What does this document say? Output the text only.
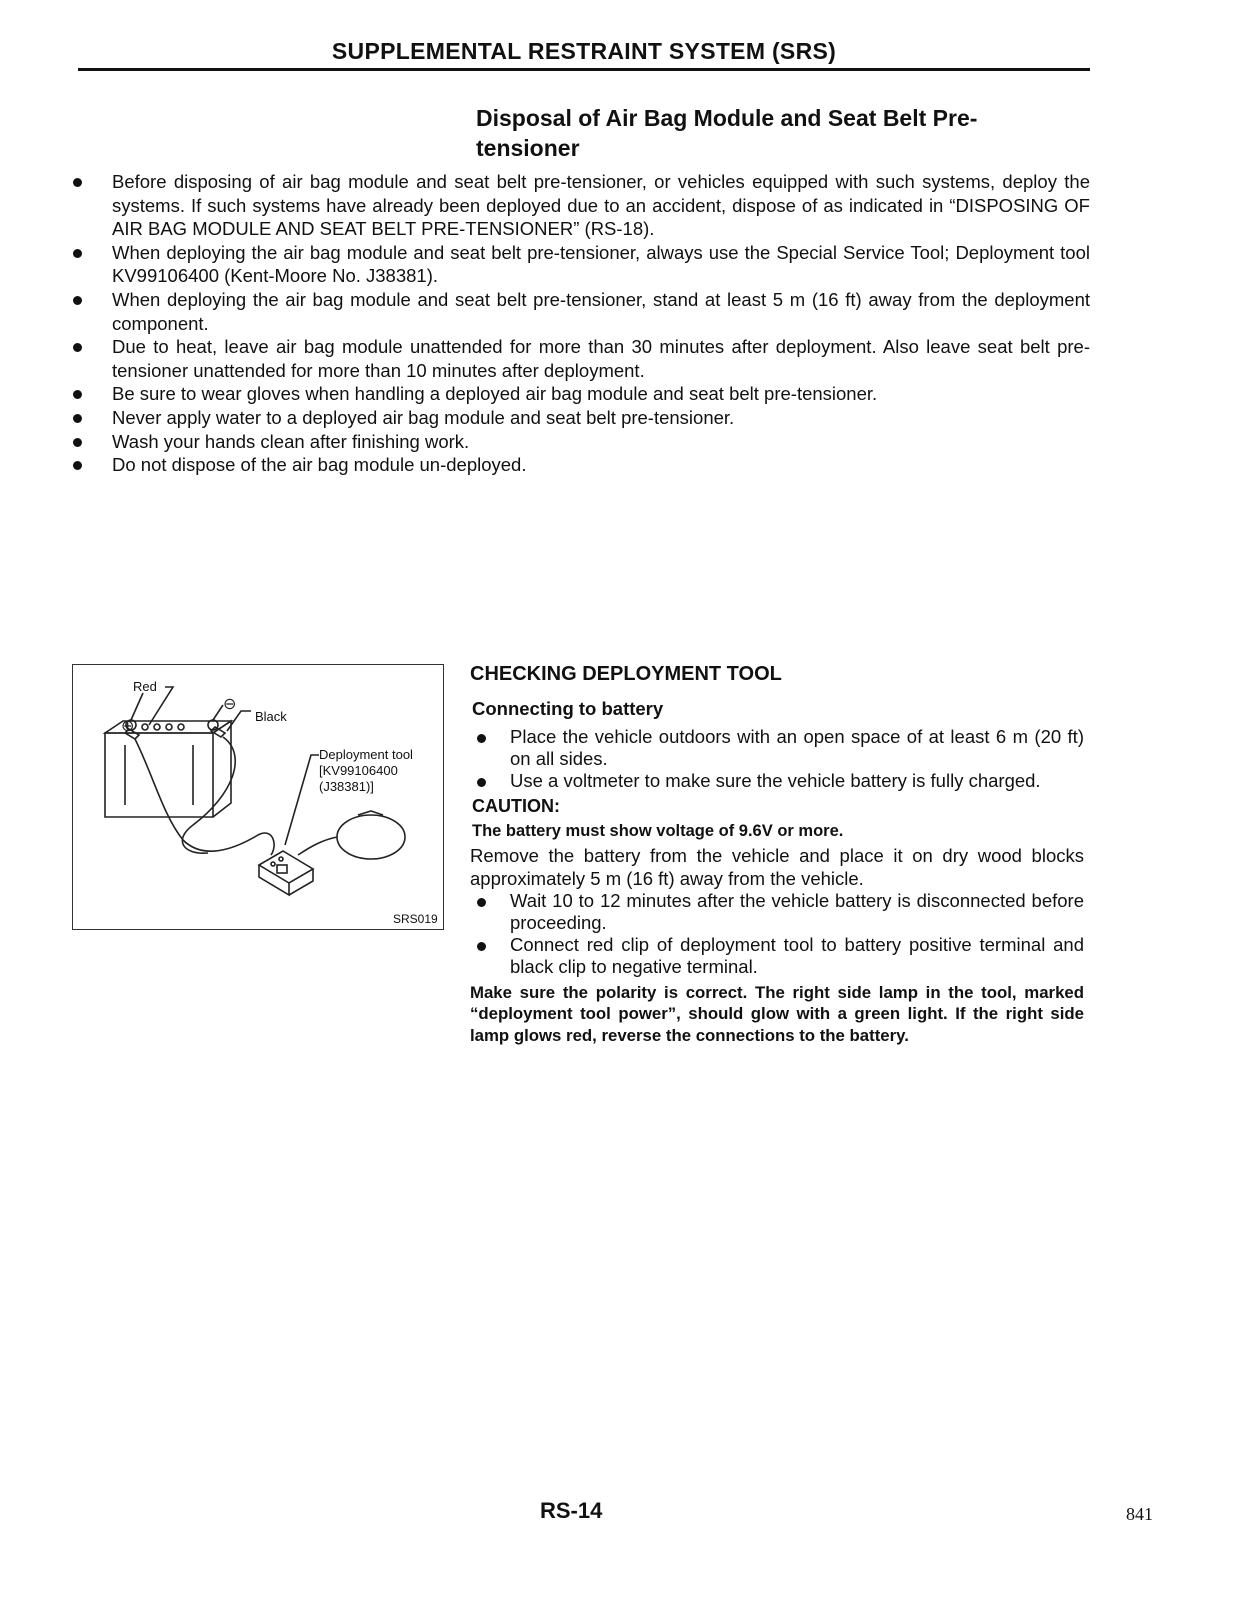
SUPPLEMENTAL RESTRAINT SYSTEM (SRS)
Disposal of Air Bag Module and Seat Belt Pre-
tensioner
Before disposing of air bag module and seat belt pre-tensioner, or vehicles equipped with such systems, deploy the systems. If such systems have already been deployed due to an accident, dispose of as indicated in “DISPOSING OF AIR BAG MODULE AND SEAT BELT PRE-TENSIONER” (RS-18).
When deploying the air bag module and seat belt pre-tensioner, always use the Special Service Tool; Deployment tool KV99106400 (Kent-Moore No. J38381).
When deploying the air bag module and seat belt pre-tensioner, stand at least 5 m (16 ft) away from the deployment component.
Due to heat, leave air bag module unattended for more than 30 minutes after deployment. Also leave seat belt pre-tensioner unattended for more than 10 minutes after deployment.
Be sure to wear gloves when handling a deployed air bag module and seat belt pre-tensioner.
Never apply water to a deployed air bag module and seat belt pre-tensioner.
Wash your hands clean after finishing work.
Do not dispose of the air bag module un-deployed.
⊖
⊕
Red
Black
Deployment tool
[KV99106400
(J38381)]
SRS019
CHECKING DEPLOYMENT TOOL
Connecting to battery
Place the vehicle outdoors with an open space of at least 6 m (20 ft) on all sides.
Use a voltmeter to make sure the vehicle battery is fully charged.
CAUTION:
The battery must show voltage of 9.6V or more.
Remove the battery from the vehicle and place it on dry wood blocks approximately 5 m (16 ft) away from the vehicle.
Wait 10 to 12 minutes after the vehicle battery is disconnected before proceeding.
Connect red clip of deployment tool to battery positive terminal and black clip to negative terminal.
Make sure the polarity is correct. The right side lamp in the tool, marked “deployment tool power”, should glow with a green light. If the right side lamp glows red, reverse the connections to the battery.
RS-14	841
